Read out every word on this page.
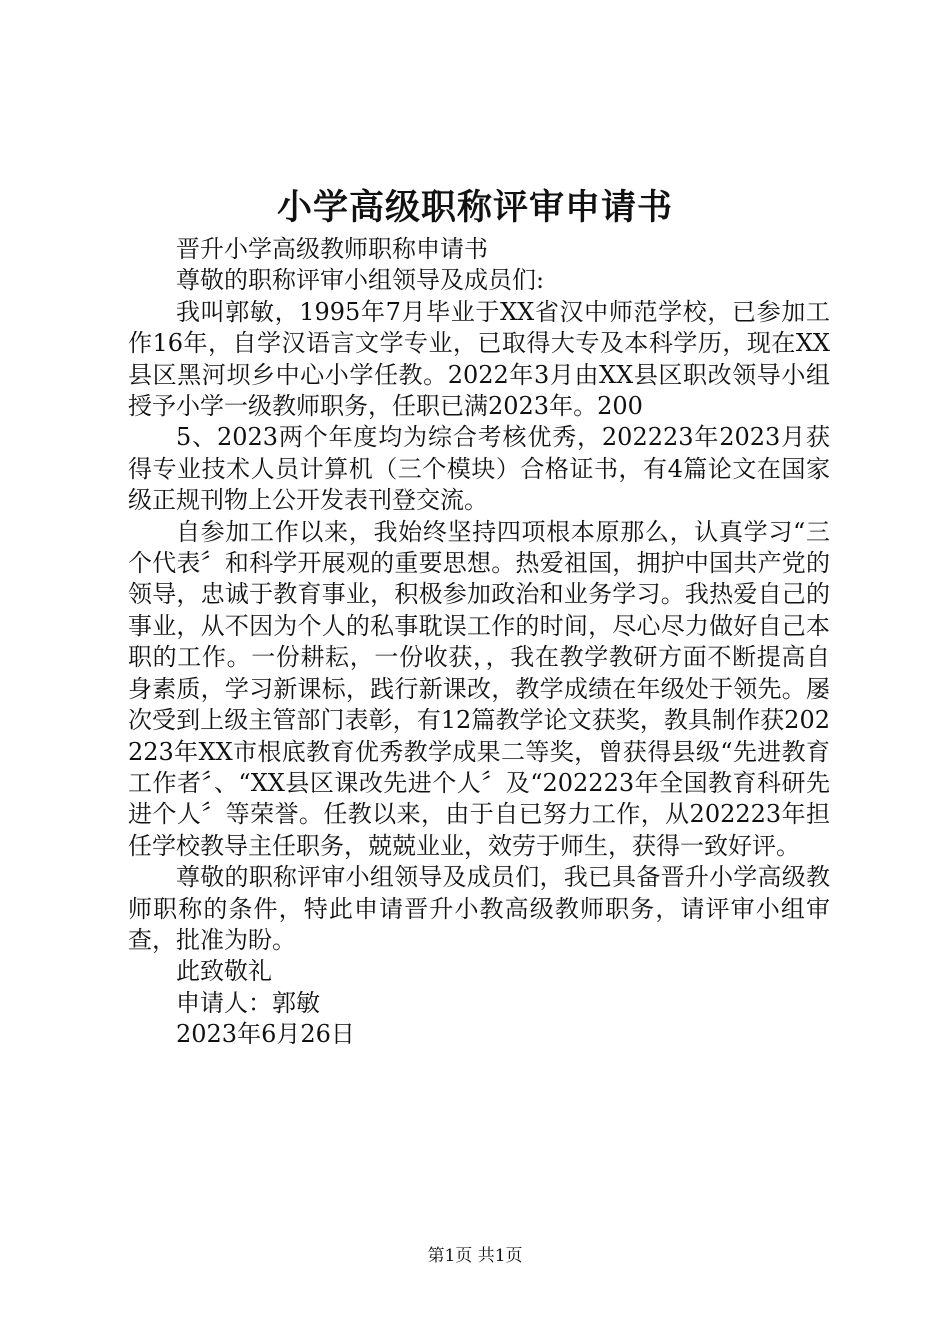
小学高级职称评审申请书

晋升小学高级教师职称申请书

尊敬的职称评审小组领导及成员们:

我叫郭敏，1995年7月毕业于XX省汉中师范学校，已参加工作16年，自学汉语言文学专业，已取得大专及本科学历，现在XX县区黑河坝乡中心小学任教。2022年3月由XX县区职改领导小组授予小学一级教师职务，任职已满2023年。200

5、2023两个年度均为综合考核优秀，202223年2023月获得专业技术人员计算机（三个模块）合格证书，有4篇论文在国家级正规刊物上公开发表刊登交流。

自参加工作以来，我始终坚持四项根本原那么，认真学习“三个代表〞和科学开展观的重要思想。热爱祖国，拥护中国共产党的领导，忠诚于教育事业，积极参加政治和业务学习。我热爱自己的事业，从不因为个人的私事耽误工作的时间，尽心尽力做好自己本职的工作。一份耕耘，一份收获，，我在教学教研方面不断提高自身素质，学习新课标，践行新课改，教学成绩在年级处于领先。屡次受到上级主管部门表彰，有12篇教学论文获奖，教具制作获202223年XX市根底教育优秀教学成果二等奖，曾获得县级“先进教育工作者〞、“XX县区课改先进个人〞及“202223年全国教育科研先进个人〞等荣誉。任教以来，由于自已努力工作，从202223年担任学校教导主任职务，兢兢业业，效劳于师生，获得一致好评。

尊敬的职称评审小组领导及成员们，我已具备晋升小学高级教师职称的条件，特此申请晋升小教高级教师职务，请评审小组审查，批准为盼。

此致敬礼

申请人：郭敏

2023年6月26日

第1页 共1页
